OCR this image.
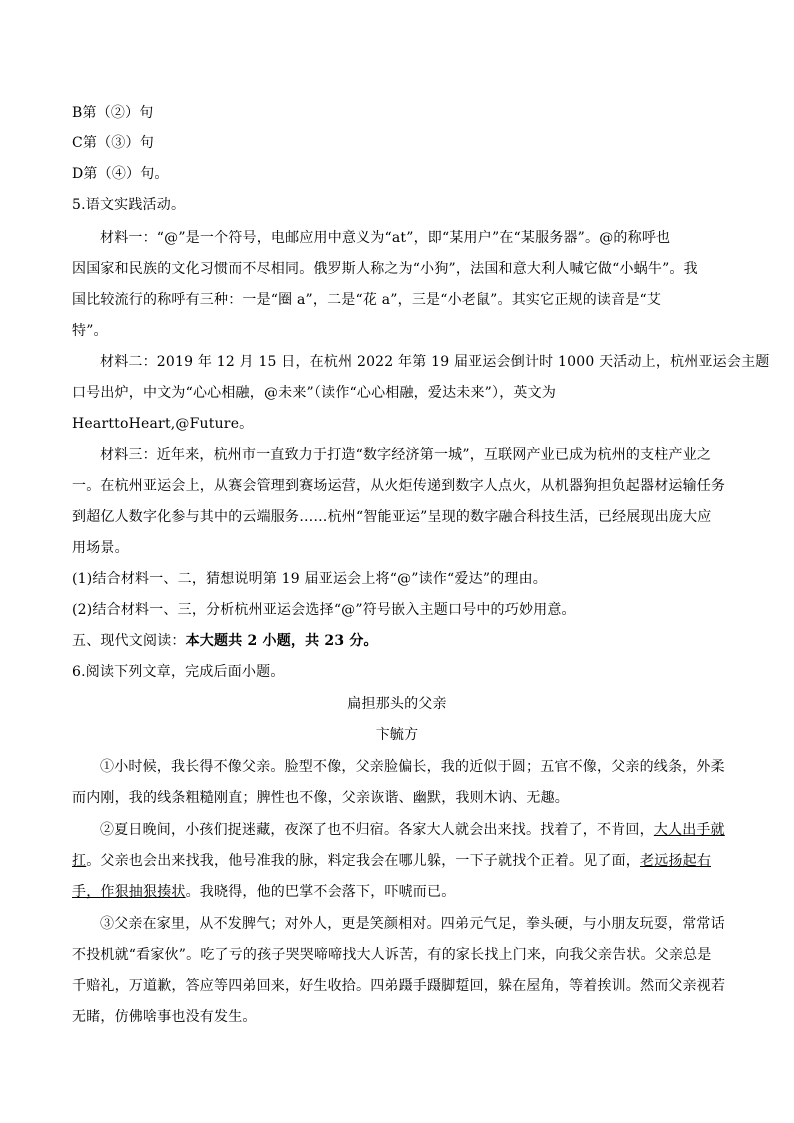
B第（②）句
C第（③）句
D第（④）句。
5.语文实践活动。
材料一：“@”是一个符号，电邮应用中意义为“at”，即“某用户”在“某服务器”。@的称呼也
因国家和民族的文化习惯而不尽相同。俄罗斯人称之为“小狗”，法国和意大利人喊它做“小蜗牛”。我
国比较流行的称呼有三种：一是“圈 a”，二是“花 a”，三是“小老鼠”。其实它正规的读音是“艾
特”。
材料二：2019 年 12 月 15 日，在杭州 2022 年第 19 届亚运会倒计时 1000 天活动上，杭州亚运会主题
口号出炉，中文为“心心相融，@未来”（读作“心心相融，爱达未来”），英文为
HearttoHeart,@Future。
材料三：近年来，杭州市一直致力于打造“数字经济第一城”，互联网产业已成为杭州的支柱产业之
一。在杭州亚运会上，从赛会管理到赛场运营，从火炬传递到数字人点火，从机器狗担负起器材运输任务
到超亿人数字化参与其中的云端服务……杭州“智能亚运”呈现的数字融合科技生活，已经展现出庞大应
用场景。
(1)结合材料一、二，猜想说明第 19 届亚运会上将“@”读作“爱达”的理由。
(2)结合材料一、三，分析杭州亚运会选择“@”符号嵌入主题口号中的巧妙用意。
五、现代文阅读：本大题共 2 小题，共 23 分。
6.阅读下列文章，完成后面小题。
扁担那头的父亲
卞毓方
①小时候，我长得不像父亲。脸型不像，父亲脸偏长，我的近似于圆；五官不像，父亲的线条，外柔
而内刚，我的线条粗糙刚直；脾性也不像，父亲诙谐、幽默，我则木讷、无趣。
②夏日晚间，小孩们捉迷藏，夜深了也不归宿。各家大人就会出来找。找着了，不肯回，大人出手就
扛。父亲也会出来找我，他号准我的脉，料定我会在哪儿躲，一下子就找个正着。见了面，老远扬起右
手，作狠抽狠揍状。我晓得，他的巴掌不会落下，吓唬而已。
③父亲在家里，从不发脾气；对外人，更是笑颜相对。四弟元气足，拳头硬，与小朋友玩耍，常常话
不投机就“看家伙”。吃了亏的孩子哭哭啼啼找大人诉苦，有的家长找上门来，向我父亲告状。父亲总是
千赔礼，万道歉，答应等四弟回来，好生收拾。四弟蹑手蹑脚踅回，躲在屋角，等着挨训。然而父亲视若
无睹，仿佛啥事也没有发生。
